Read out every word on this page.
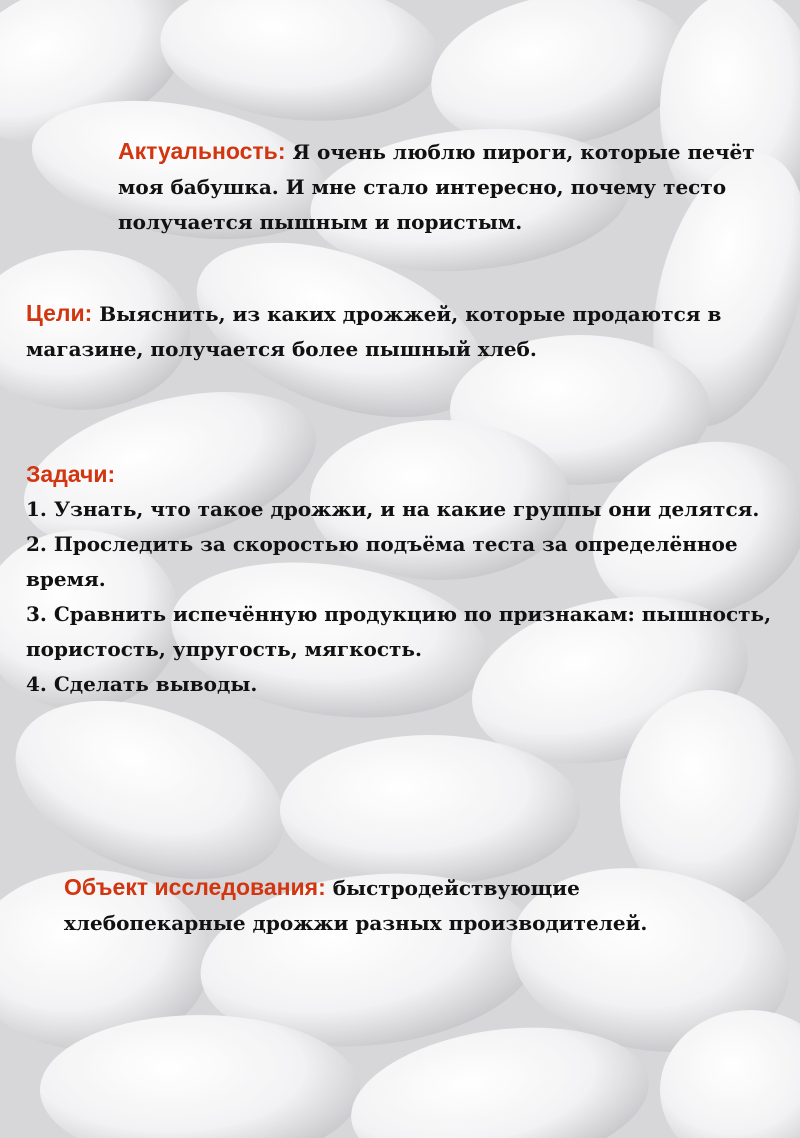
Актуальность: Я очень люблю пироги, которые печёт моя бабушка. И мне стало интересно, почему тесто получается пышным и пористым.
Цели: Выяснить, из каких дрожжей, которые продаются в магазине, получается более пышный хлеб.
Задачи:
1. Узнать, что такое дрожжи, и на какие группы они делятся.
2. Проследить за скоростью подъёма теста за определённое время.
3. Сравнить испечённую продукцию по признакам: пышность, пористость, упругость, мягкость.
4. Сделать выводы.
Объект исследования: быстродействующие хлебопекарные дрожжи разных производителей.
